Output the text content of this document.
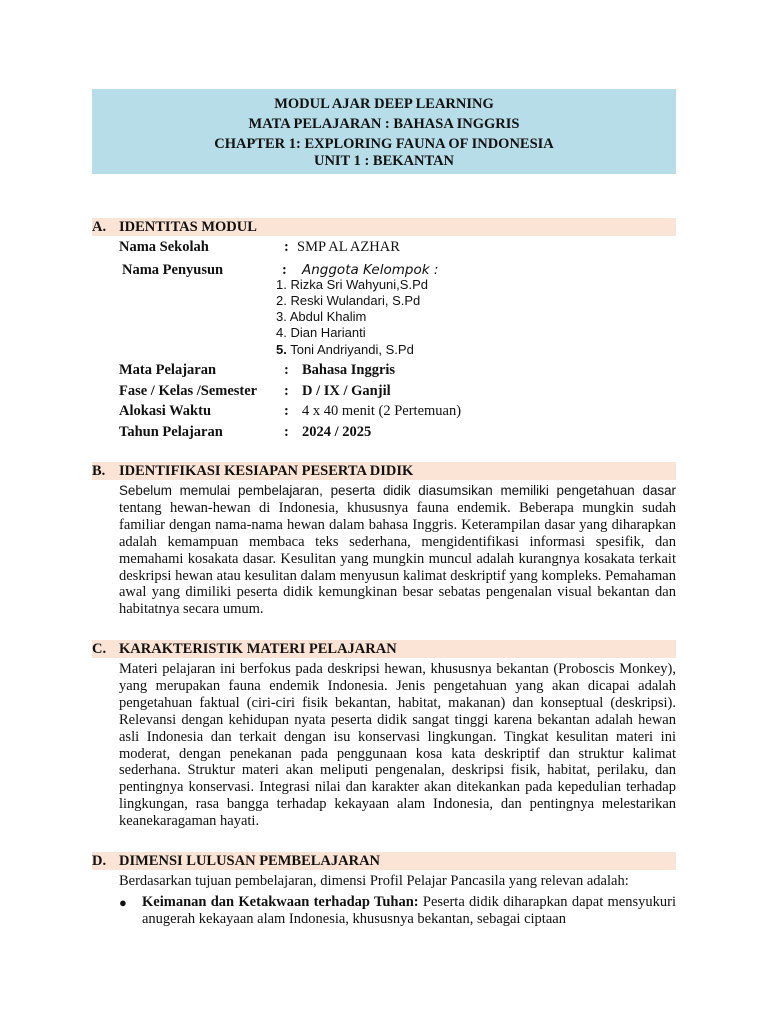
MODUL AJAR DEEP LEARNING
MATA PELAJARAN : BAHASA INGGRIS
CHAPTER 1: EXPLORING FAUNA OF INDONESIA
UNIT 1 : BEKANTAN
A. IDENTITAS MODUL
Nama Sekolah	: SMP AL AZHAR
Nama Penyusun	: Anggota Kelompok :
1. Rizka Sri Wahyuni,S.Pd
2. Reski Wulandari, S.Pd
3. Abdul Khalim
4. Dian Harianti
5. Toni Andriyandi, S.Pd
Mata Pelajaran	: Bahasa Inggris
Fase / Kelas /Semester : D / IX / Ganjil
Alokasi Waktu	: 4 x 40 menit (2 Pertemuan)
Tahun Pelajaran	: 2024 / 2025
B. IDENTIFIKASI KESIAPAN PESERTA DIDIK

Sebelum memulai pembelajaran, peserta didik diasumsikan memiliki pengetahuan dasar tentang hewan-hewan di Indonesia, khususnya fauna endemik. Beberapa mungkin sudah familiar dengan nama-nama hewan dalam bahasa Inggris. Keterampilan dasar yang diharapkan adalah kemampuan membaca teks sederhana, mengidentifikasi informasi spesifik, dan memahami kosakata dasar. Kesulitan yang mungkin muncul adalah kurangnya kosakata terkait deskripsi hewan atau kesulitan dalam menyusun kalimat deskriptif yang kompleks. Pemahaman awal yang dimiliki peserta didik kemungkinan besar sebatas pengenalan visual bekantan dan habitatnya secara umum.

C. KARAKTERISTIK MATERI PELAJARAN

Materi pelajaran ini berfokus pada deskripsi hewan, khususnya bekantan (Proboscis Monkey), yang merupakan fauna endemik Indonesia. Jenis pengetahuan yang akan dicapai adalah pengetahuan faktual (ciri-ciri fisik bekantan, habitat, makanan) dan konseptual (deskripsi). Relevansi dengan kehidupan nyata peserta didik sangat tinggi karena bekantan adalah hewan asli Indonesia dan terkait dengan isu konservasi lingkungan. Tingkat kesulitan materi ini moderat, dengan penekanan pada penggunaan kosa kata deskriptif dan struktur kalimat sederhana. Struktur materi akan meliputi pengenalan, deskripsi fisik, habitat, perilaku, dan pentingnya konservasi. Integrasi nilai dan karakter akan ditekankan pada kepedulian terhadap lingkungan, rasa bangga terhadap kekayaan alam Indonesia, dan pentingnya melestarikan keanekaragaman hayati.

D. DIMENSI LULUSAN PEMBELAJARAN

Berdasarkan tujuan pembelajaran, dimensi Profil Pelajar Pancasila yang relevan adalah:

● Keimanan dan Ketakwaan terhadap Tuhan: Peserta didik diharapkan dapat mensyukuri anugerah kekayaan alam Indonesia, khususnya bekantan, sebagai ciptaan
